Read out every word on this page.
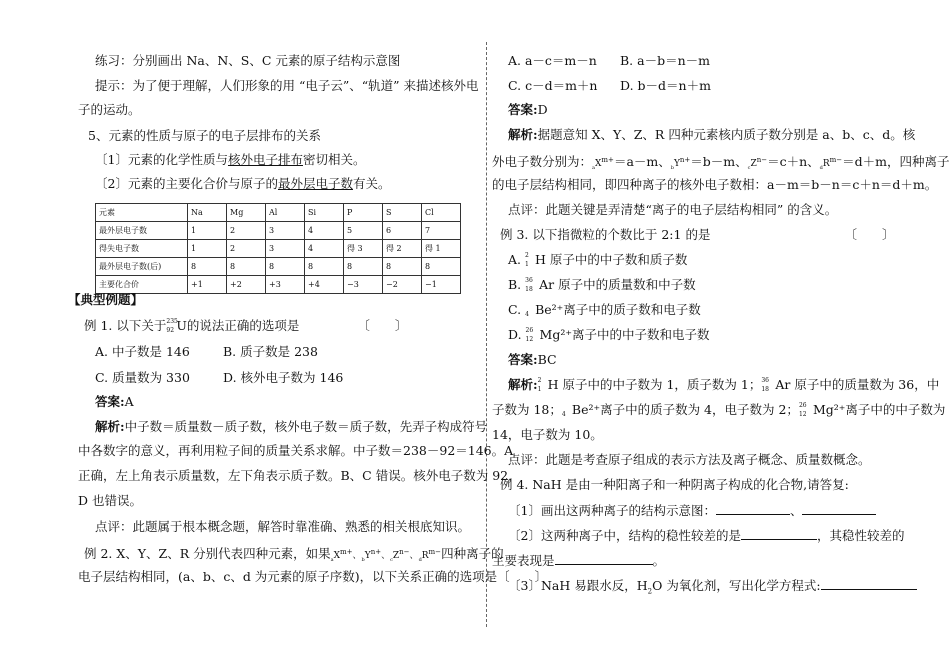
练习：分别画出 Na、N、S、C 元素的原子结构示意图
提示：为了便于理解，人们形象的用 “电子云”、“轨道” 来描述核外电
子的运动。
5、元素的性质与原子的电子层排布的关系
〔1〕元素的化学性质与核外电子排布密切相关。
〔2〕元素的主要化合价与原子的最外层电子数有关。
元素	Na	Mg	Al	Si	P	S	Cl
最外层电子数	1	2	3	4	5	6	7
得失电子数	1	2	3	4	得 3	得 2	得 1
最外层电子数(后)	8	8	8	8	8	8	8
主要化合价	+1	+2	+3	+4	−3	−2	−1
【典型例题】
例 1. 以下关于 235
92 U的说法正确的选项是	〔　　〕
A. 中子数是 146	B. 质子数是 238
C. 质量数为 330	D. 核外电子数为 146
答案:A
解析:中子数＝质量数－质子数，核外电子数＝质子数，先弄子构成符号
中各数字的意义，再利用粒子间的质量关系求解。中子数＝238－92＝146。A
正确，左上角表示质量数，左下角表示质子数。B、C 错误。核外电子数为 92，
D 也错误。
点评：此题属于根本概念题，解答时靠准确、熟悉的相关根底知识。
例 2. X、Y、Z、R 分别代表四种元素，如果$_aX^{m+}$、$_bY^{n+}$、$_cZ^{n-}$、$_dR^{m-}$四种离子的
电子层结构相同，(a、b、c、d 为元素的原子序数)，以下关系正确的选项是〔　　〕
A. a－c＝m－n B. a－b＝n－m
C. c－d＝m＋n D. b－d＝n＋m
答案:D
解析:据题意知 X、Y、Z、R 四种元素核内质子数分别是 a、b、c、d。核
外电子数分别为：$_aX^{m+}=a-m$、$_bY^{n+}=b-m$、$_cZ^{n-}=c+n$、$_dR^{m-}=d+m$，四种离子
的电子层结构相同，即四种离子的核外电子数相：a－m＝b－n＝c＋n＝d＋m。
点评：此题关键是弄清楚“离子的电子层结构相同” 的含义。
例 3. 以下指微粒的个数比于 2:1 的是	〔　　〕
A. 2
1 H 原子中的中子数和质子数
B. 36
18 Ar 原子中的质量数和中子数
C. 4 Be²⁺离子中的质子数和电子数
D. 26
12 Mg²⁺离子中的中子数和电子数
答案:BC
解析: 2
1 H 原子中的中子数为 1，质子数为 1； 36
18 Ar 原子中的质量数为 36，中
子数为 18； 4 Be²⁺离子中的质子数为 4，电子数为 2； 26
12 Mg²⁺离子中的中子数为
14，电子数为 10。
点评：此题是考查原子组成的表示方法及离子概念、质量数概念。
例 4. NaH 是由一种阳离子和一种阴离子构成的化合物,请答复:
〔1〕画出这两种离子的结构示意图：	、
〔2〕这两种离子中，结构的稳性较差的是	，其稳性较差的
主要表现是	。
〔3〕NaH 易跟水反，$H_2O$ 为氧化剂，写出化学方程式:
